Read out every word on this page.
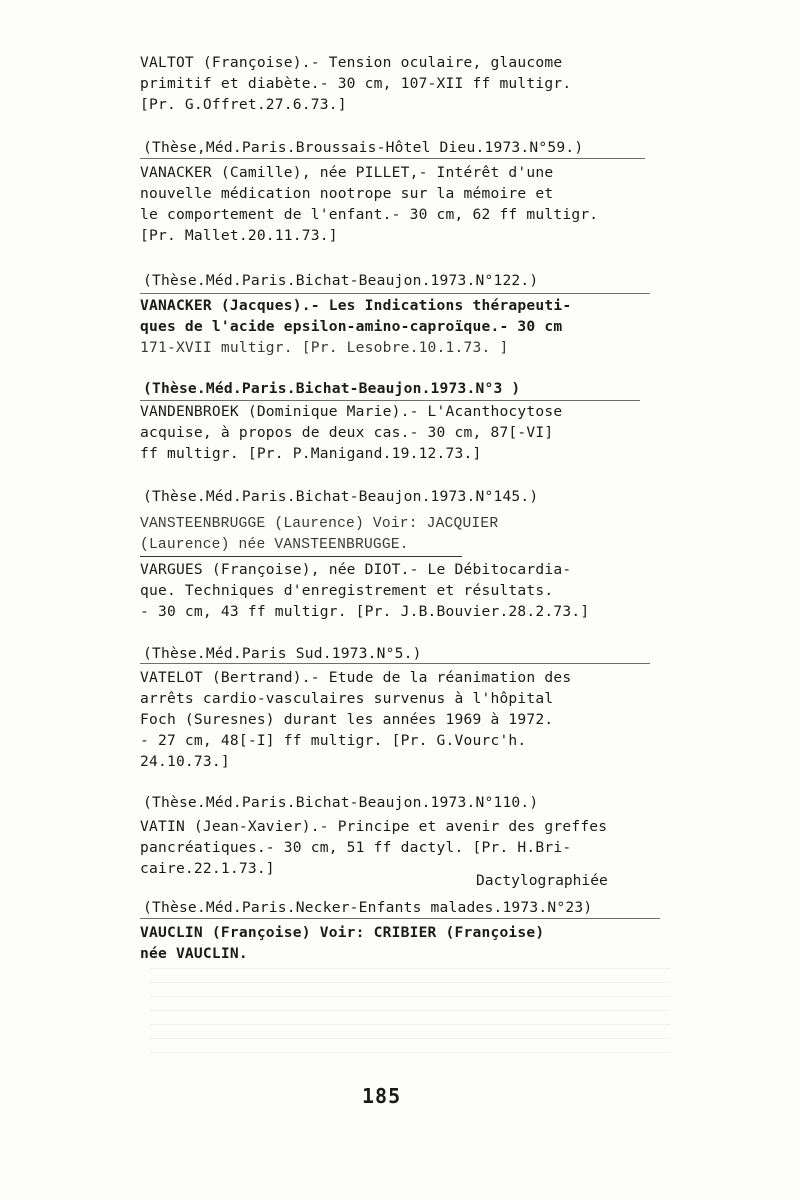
VALTOT (Françoise).- Tension oculaire, glaucome
primitif et diabète.- 30 cm, 107-XII ff multigr.
[Pr. G.Offret.27.6.73.]
(Thèse,Méd.Paris.Broussais-Hôtel Dieu.1973.N°59.)
VANACKER (Camille), née PILLET,- Intérêt d'une
nouvelle médication nootrope sur la mémoire et
le comportement de l'enfant.- 30 cm, 62 ff multigr.
[Pr. Mallet.20.11.73.]
(Thèse.Méd.Paris.Bichat-Beaujon.1973.N°122.)
VANACKER (Jacques).- Les Indications thérapeuti-
ques de l'acide epsilon-amino-caproïque.- 30 cm
171-XVII multigr. [Pr. Lesobre.10.1.73. ]
(Thèse.Méd.Paris.Bichat-Beaujon.1973.N°3 )
VANDENBROEK (Dominique Marie).- L'Acanthocytose
acquise, à propos de deux cas.- 30 cm, 87[-VI]
ff multigr. [Pr. P.Manigand.19.12.73.]
(Thèse.Méd.Paris.Bichat-Beaujon.1973.N°145.)
VANSTEENBRUGGE (Laurence) Voir: JACQUIER
(Laurence) née VANSTEENBRUGGE.
VARGUES (Françoise), née DIOT.- Le Débitocardia-
que. Techniques d'enregistrement et résultats.
- 30 cm, 43 ff multigr. [Pr. J.B.Bouvier.28.2.73.]
(Thèse.Méd.Paris Sud.1973.N°5.)
VATELOT (Bertrand).- Etude de la réanimation des
arrêts cardio-vasculaires survenus à l'hôpital
Foch (Suresnes) durant les années 1969 à 1972.
- 27 cm, 48[-I] ff multigr. [Pr. G.Vourc'h.
24.10.73.]
(Thèse.Méd.Paris.Bichat-Beaujon.1973.N°110.)
VATIN (Jean-Xavier).- Principe et avenir des greffes
pancréatiques.- 30 cm, 51 ff dactyl. [Pr. H.Bri-
caire.22.1.73.]
Dactylographiée
(Thèse.Méd.Paris.Necker-Enfants malades.1973.N°23)
VAUCLIN (Françoise) Voir: CRIBIER (Françoise)
née VAUCLIN.
185
